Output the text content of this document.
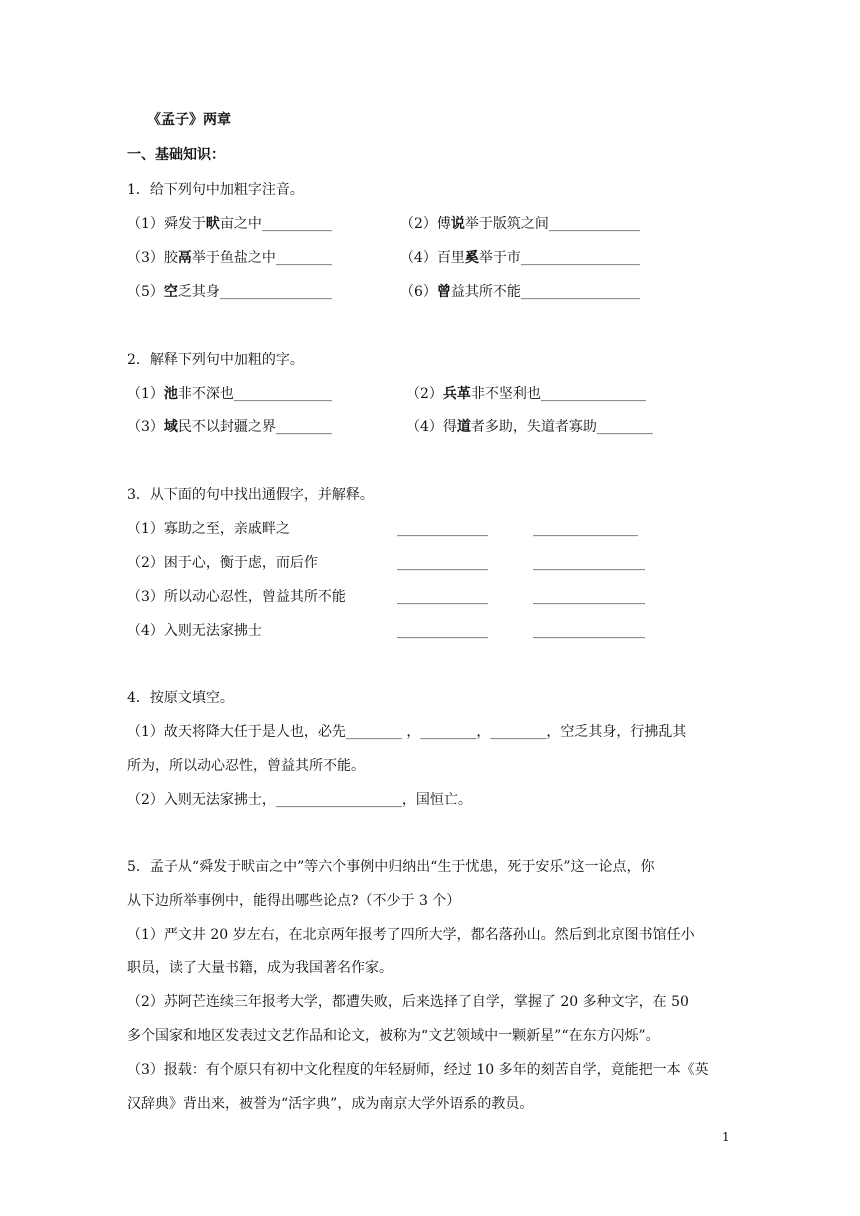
《孟子》两章
一、基础知识：
1．给下列句中加粗字注音。
（1）舜发于畎亩之中__________	（2）傅说举于版筑之间_____________
（3）胶鬲举于鱼盐之中________	（4）百里奚举于市_________________
（5）空乏其身________________	（6）曾益其所不能_________________
2．解释下列句中加粗的字。
（1）池非不深也______________	（2）兵革非不坚利也_______________
（3）域民不以封疆之界________	（4）得道者多助，失道者寡助________
3．从下面的句中找出通假字，并解释。
（1）寡助之至，亲戚畔之	_____________	_______________
（2）困于心，衡于虑，而后作	_____________	________________
（3）所以动心忍性，曾益其所不能	_____________	________________
（4）入则无法家拂士	_____________	________________
4．按原文填空。
（1）故天将降大任于是人也，必先________ ，________，________，空乏其身，行拂乱其
所为，所以动心忍性，曾益其所不能。
（2）入则无法家拂士，__________________，国恒亡。
5．孟子从“舜发于畎亩之中”等六个事例中归纳出“生于忧患，死于安乐”这一论点，你
从下边所举事例中，能得出哪些论点?（不少于 3 个）
（1）严文井 20 岁左右，在北京两年报考了四所大学，都名落孙山。然后到北京图书馆任小
职员，读了大量书籍，成为我国著名作家。
（2）苏阿芒连续三年报考大学，都遭失败，后来选择了自学，掌握了 20 多种文字，在 50
多个国家和地区发表过文艺作品和论文，被称为“文艺领域中一颗新星”“在东方闪烁”。
（3）报载：有个原只有初中文化程度的年轻厨师，经过 10 多年的刻苦自学，竟能把一本《英
汉辞典》背出来，被誉为“活字典”，成为南京大学外语系的教员。
1
